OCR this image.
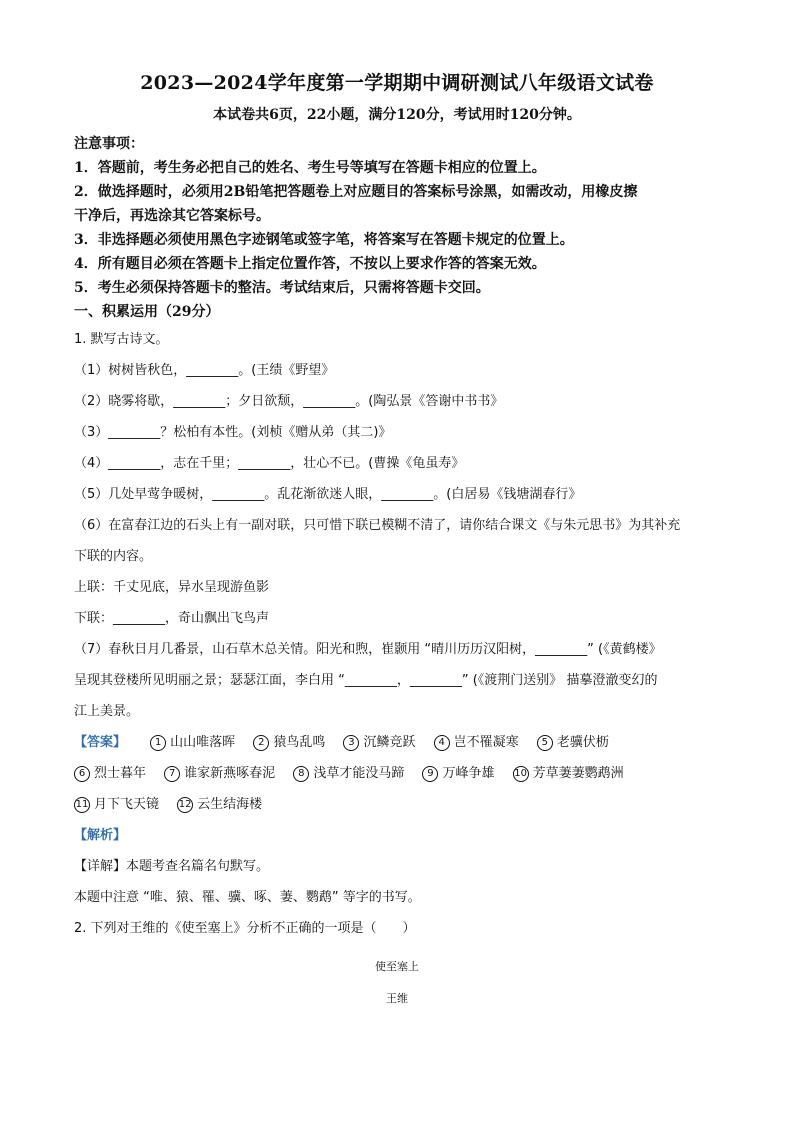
2023—2024学年度第一学期期中调研测试八年级语文试卷
本试卷共6页，22小题，满分120分，考试用时120分钟。
注意事项：
1．答题前，考生务必把自己的姓名、考生号等填写在答题卡相应的位置上。
2．做选择题时，必须用2B铅笔把答题卷上对应题目的答案标号涂黑，如需改动，用橡皮擦
干净后，再选涂其它答案标号。
3．非选择题必须使用黑色字迹钢笔或签字笔，将答案写在答题卡规定的位置上。
4．所有题目必须在答题卡上指定位置作答，不按以上要求作答的答案无效。
5．考生必须保持答题卡的整洁。考试结束后，只需将答题卡交回。
一、积累运用（29分）
1. 默写古诗文。
（1）树树皆秋色，________。(王绩《野望》
（2）晓雾将歇，________；夕日欲颓，________。(陶弘景《答谢中书书》
（3）________？松柏有本性。(刘桢《赠从弟（其二)》
（4）________，志在千里；________，壮心不已。(曹操《龟虽寿》
（5）几处早莺争暖树，________。乱花渐欲迷人眼，________。(白居易《钱塘湖春行》
（6）在富春江边的石头上有一副对联，只可惜下联已模糊不清了，请你结合课文《与朱元思书》为其补充
下联的内容。
上联：千丈见底，异水呈现游鱼影
下联：________，奇山飘出飞鸟声
（7）春秋日月几番景，山石草木总关情。阳光和煦，崔颢用 “晴川历历汉阳树，________” (《黄鹤楼》
呈现其登楼所见明丽之景；瑟瑟江面，李白用 “________，________” (《渡荆门送别》 描摹澄澈变幻的
江上美景。
【答案】	1 山山唯落晖 2 猿鸟乱鸣 3 沉鳞竞跃 4 岂不罹凝寒 5 老骥伏枥
6 烈士暮年 7 谁家新燕啄春泥 8 浅草才能没马蹄 9 万峰争雄 10 芳草萋萋鹦鹉洲
11 月下飞天镜 12 云生结海楼
【解析】
【详解】本题考查名篇名句默写。
本题中注意 “唯、猿、罹、骥、啄、萋、鹦鹉” 等字的书写。
2. 下列对王维的《使至塞上》分析不正确的一项是（　　）
使至塞上
王维
